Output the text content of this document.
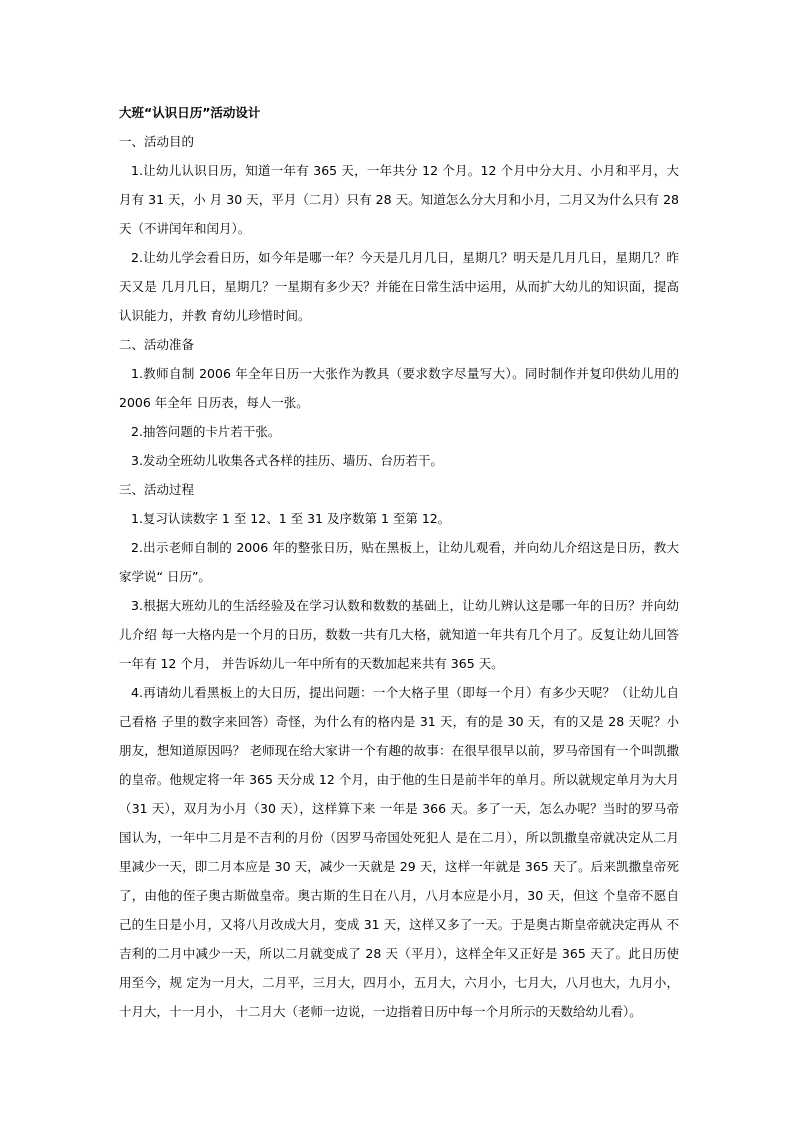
大班“认识日历”活动设计

一、活动目的

1.让幼儿认识日历，知道一年有 365 天，一年共分 12 个月。12 个月中分大月、小月和平月，大月有 31 天，小 月 30 天，平月（二月）只有 28 天。知道怎么分大月和小月，二月又为什么只有 28 天（不讲闰年和闰月）。

2.让幼儿学会看日历，如今年是哪一年？今天是几月几日，星期几？明天是几月几日，星期几？昨天又是 几月几日，星期几？一星期有多少天？并能在日常生活中运用，从而扩大幼儿的知识面，提高认识能力，并教 育幼儿珍惜时间。

二、活动准备

1.教师自制 2006 年全年日历一大张作为教具（要求数字尽量写大）。同时制作并复印供幼儿用的 2006 年全年 日历表，每人一张。

2.抽答问题的卡片若干张。

3.发动全班幼儿收集各式各样的挂历、墙历、台历若干。

三、活动过程

1.复习认读数字 1 至 12、1 至 31 及序数第 1 至第 12。

2.出示老师自制的 2006 年的整张日历，贴在黑板上，让幼儿观看，并向幼儿介绍这是日历，教大家学说“ 日历”。

3.根据大班幼儿的生活经验及在学习认数和数数的基础上，让幼儿辨认这是哪一年的日历？并向幼儿介绍 每一大格内是一个月的日历，数数一共有几大格，就知道一年共有几个月了。反复让幼儿回答一年有 12 个月， 并告诉幼儿一年中所有的天数加起来共有 365 天。

4.再请幼儿看黑板上的大日历，提出问题：一个大格子里（即每一个月）有多少天呢？（让幼儿自己看格 子里的数字来回答）奇怪，为什么有的格内是 31 天，有的是 30 天，有的又是 28 天呢？小朋友，想知道原因吗？ 老师现在给大家讲一个有趣的故事：在很早很早以前，罗马帝国有一个叫凯撒的皇帝。他规定将一年 365 天分成 12 个月，由于他的生日是前半年的单月。所以就规定单月为大月（31 天），双月为小月（30 天），这样算下来 一年是 366 天。多了一天，怎么办呢？当时的罗马帝国认为，一年中二月是不吉利的月份（因罗马帝国处死犯人 是在二月），所以凯撒皇帝就决定从二月里减少一天，即二月本应是 30 天，减少一天就是 29 天，这样一年就是 365 天了。后来凯撒皇帝死了，由他的侄子奥古斯做皇帝。奥古斯的生日在八月，八月本应是小月，30 天，但这 个皇帝不愿自己的生日是小月，又将八月改成大月，变成 31 天，这样又多了一天。于是奥古斯皇帝就决定再从 不吉利的二月中减少一天，所以二月就变成了 28 天（平月），这样全年又正好是 365 天了。此日历使用至今，规 定为一月大，二月平，三月大，四月小，五月大，六月小，七月大，八月也大，九月小，十月大，十一月小， 十二月大（老师一边说，一边指着日历中每一个月所示的天数给幼儿看）。
